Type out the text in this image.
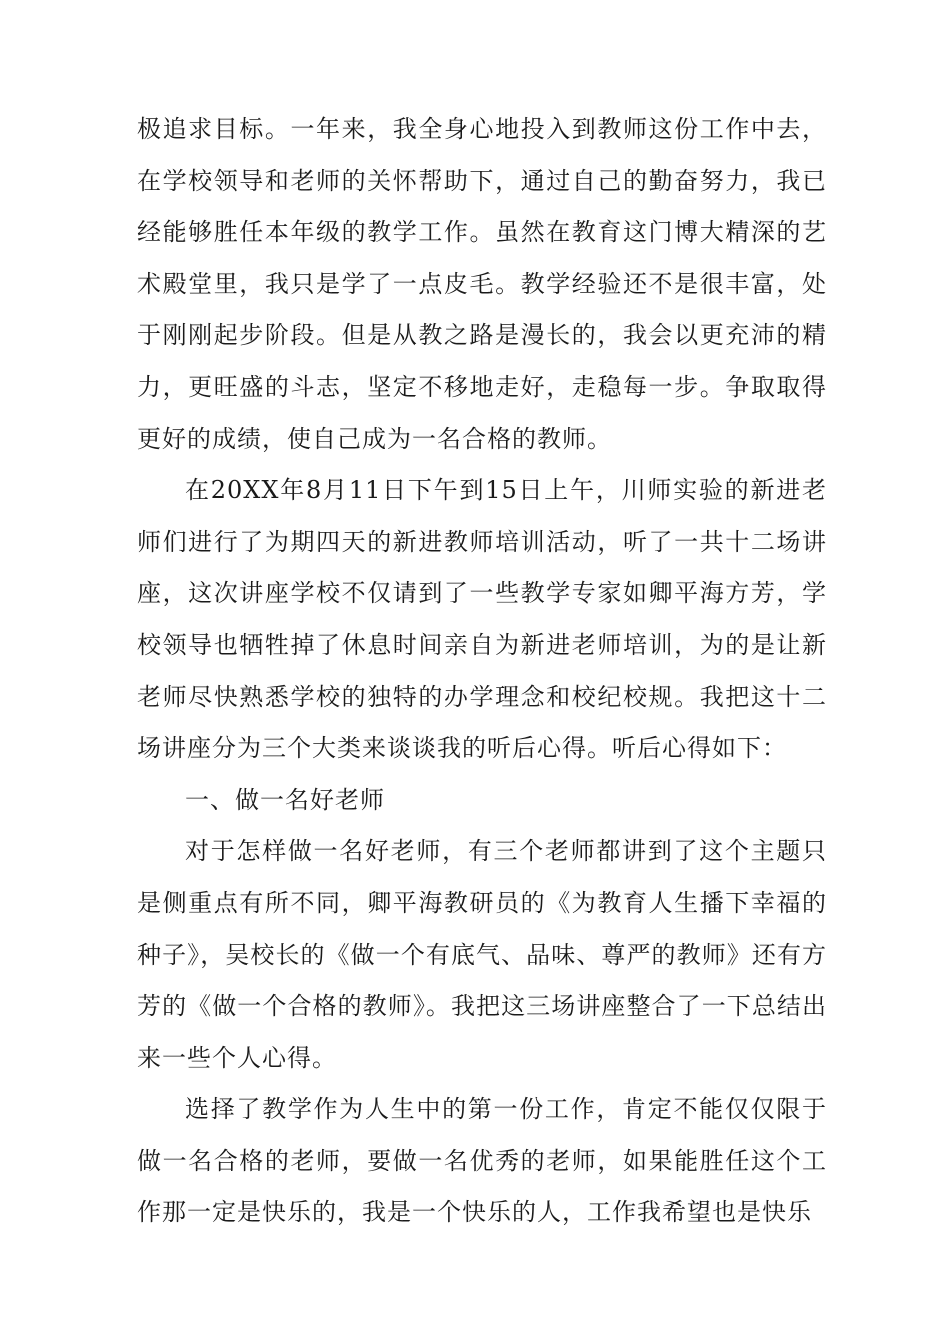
极追求目标。一年来，我全身心地投入到教师这份工作中去，在学校领导和老师的关怀帮助下，通过自己的勤奋努力，我已经能够胜任本年级的教学工作。虽然在教育这门博大精深的艺术殿堂里，我只是学了一点皮毛。教学经验还不是很丰富，处于刚刚起步阶段。但是从教之路是漫长的，我会以更充沛的精力，更旺盛的斗志，坚定不移地走好，走稳每一步。争取取得更好的成绩，使自己成为一名合格的教师。

在20XX年8月11日下午到15日上午，川师实验的新进老师们进行了为期四天的新进教师培训活动，听了一共十二场讲座，这次讲座学校不仅请到了一些教学专家如卿平海方芳，学校领导也牺牲掉了休息时间亲自为新进老师培训，为的是让新老师尽快熟悉学校的独特的办学理念和校纪校规。我把这十二场讲座分为三个大类来谈谈我的听后心得。听后心得如下：

一、做一名好老师

对于怎样做一名好老师，有三个老师都讲到了这个主题只是侧重点有所不同，卿平海教研员的《为教育人生播下幸福的种子》，吴校长的《做一个有底气、品味、尊严的教师》还有方芳的《做一个合格的教师》。我把这三场讲座整合了一下总结出来一些个人心得。

选择了教学作为人生中的第一份工作，肯定不能仅仅限于做一名合格的老师，要做一名优秀的老师，如果能胜任这个工作那一定是快乐的，我是一个快乐的人，工作我希望也是快乐
